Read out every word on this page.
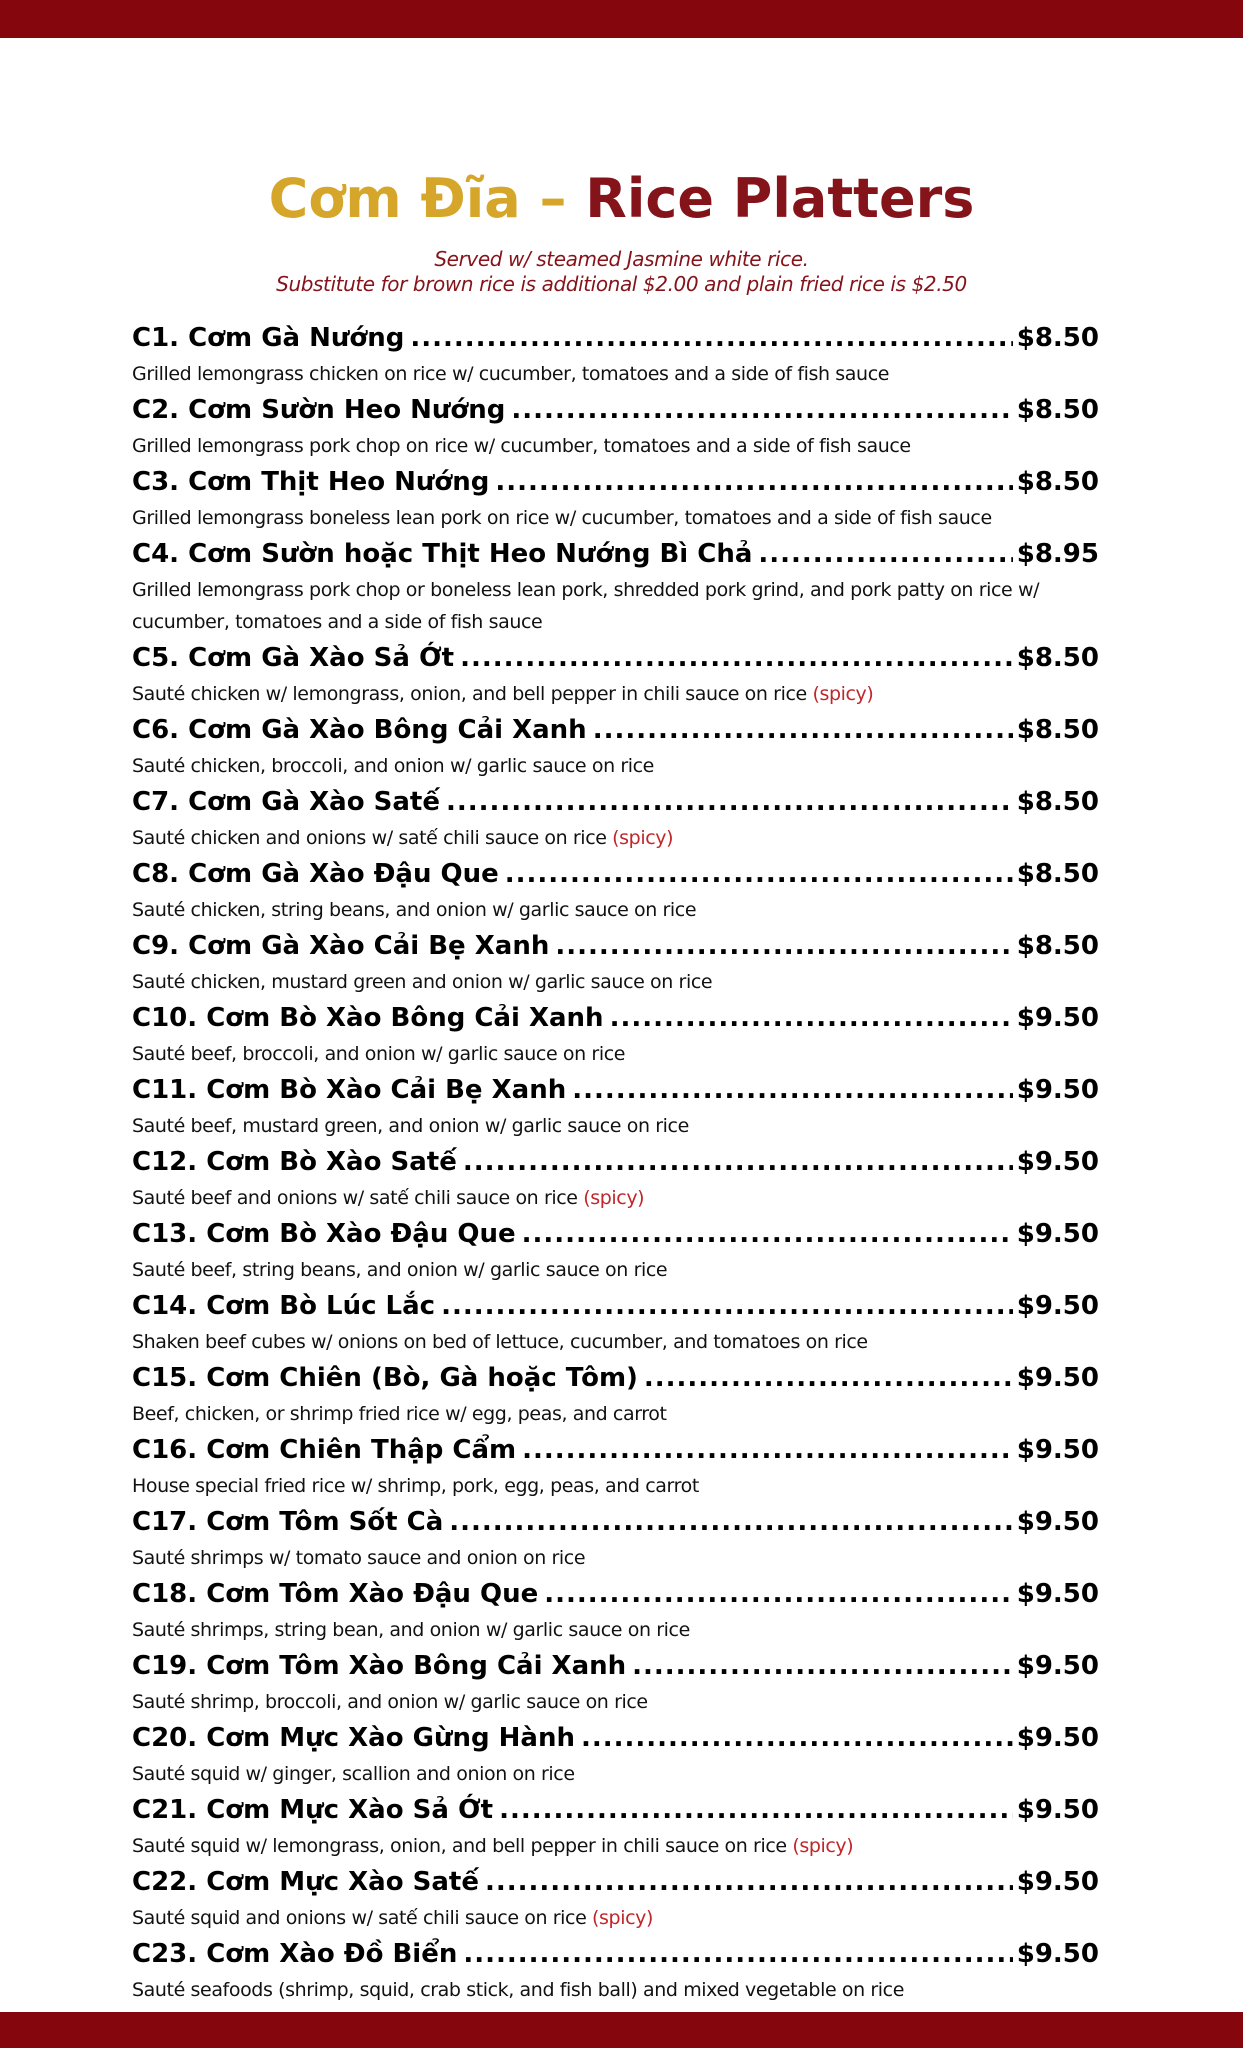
Cơm Đĩa – Rice Platters
Served w/ steamed Jasmine white rice.
Substitute for brown rice is additional $2.00 and plain fried rice is $2.50
C1. Cơm Gà Nướng .....	$8.50
Grilled lemongrass chicken on rice w/ cucumber, tomatoes and a side of fish sauce
C2. Cơm Sườn Heo Nướng .....	$8.50
Grilled lemongrass pork chop on rice w/ cucumber, tomatoes and a side of fish sauce
C3. Cơm Thịt Heo Nướng .....	$8.50
Grilled lemongrass boneless lean pork on rice w/ cucumber, tomatoes and a side of fish sauce
C4. Cơm Sườn hoặc Thịt Heo Nướng Bì Chả .....	$8.95
Grilled lemongrass pork chop or boneless lean pork, shredded pork grind, and pork patty on rice w/ cucumber, tomatoes and a side of fish sauce
C5. Cơm Gà Xào Sả Ớt .....	$8.50
Sauté chicken w/ lemongrass, onion, and bell pepper in chili sauce on rice (spicy)
C6. Cơm Gà Xào Bông Cải Xanh .....	$8.50
Sauté chicken, broccoli, and onion w/ garlic sauce on rice
C7. Cơm Gà Xào Satế .....	$8.50
Sauté chicken and onions w/ satế chili sauce on rice (spicy)
C8. Cơm Gà Xào Đậu Que .....	$8.50
Sauté chicken, string beans, and onion w/ garlic sauce on rice
C9. Cơm Gà Xào Cải Bẹ Xanh .....	$8.50
Sauté chicken, mustard green and onion w/ garlic sauce on rice
C10. Cơm Bò Xào Bông Cải Xanh .....	$9.50
Sauté beef, broccoli, and onion w/ garlic sauce on rice
C11. Cơm Bò Xào Cải Bẹ Xanh .....	$9.50
Sauté beef, mustard green, and onion w/ garlic sauce on rice
C12. Cơm Bò Xào Satế .....	$9.50
Sauté beef and onions w/ satế chili sauce on rice (spicy)
C13. Cơm Bò Xào Đậu Que .....	$9.50
Sauté beef, string beans, and onion w/ garlic sauce on rice
C14. Cơm Bò Lúc Lắc .....	$9.50
Shaken beef cubes w/ onions on bed of lettuce, cucumber, and tomatoes on rice
C15. Cơm Chiên (Bò, Gà hoặc Tôm) .....	$9.50
Beef, chicken, or shrimp fried rice w/ egg, peas, and carrot
C16. Cơm Chiên Thập Cẩm .....	$9.50
House special fried rice w/ shrimp, pork, egg, peas, and carrot
C17. Cơm Tôm Sốt Cà .....	$9.50
Sauté shrimps w/ tomato sauce and onion on rice
C18. Cơm Tôm Xào Đậu Que .....	$9.50
Sauté shrimps, string bean, and onion w/ garlic sauce on rice
C19. Cơm Tôm Xào Bông Cải Xanh .....	$9.50
Sauté shrimp, broccoli, and onion w/ garlic sauce on rice
C20. Cơm Mực Xào Gừng Hành .....	$9.50
Sauté squid w/ ginger, scallion and onion on rice
C21. Cơm Mực Xào Sả Ớt .....	$9.50
Sauté squid w/ lemongrass, onion, and bell pepper in chili sauce on rice (spicy)
C22. Cơm Mực Xào Satế .....	$9.50
Sauté squid and onions w/ satế chili sauce on rice (spicy)
C23. Cơm Xào Đồ Biển .....	$9.50
Sauté seafoods (shrimp, squid, crab stick, and fish ball) and mixed vegetable on rice
